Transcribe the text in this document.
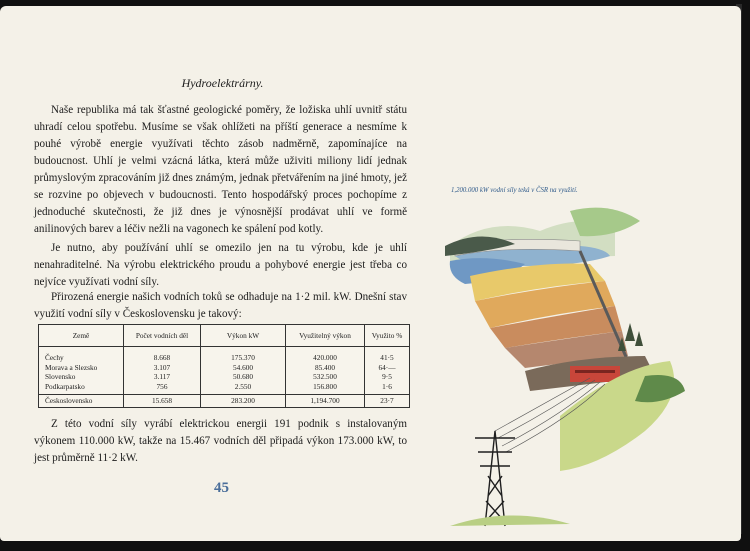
Hydroelektrárny.

Naše republika má tak šťastné geologické poměry, že ložiska uhlí uvnitř státu uhradí celou spotřebu. Musíme se však ohlížeti na příští generace a nesmíme k pouhé výrobě energie využívati těchto zásob nadměrně, zapomínajíce na budoucnost. Uhlí je velmi vzácná látka, která může uživiti miliony lidí jednak průmyslovým zpracováním již dnes známým, jednak přetvářením na jiné hmoty, jež se rozvine po objevech v budoucnosti. Tento hospodářský proces pochopíme z jednoduché skutečnosti, že již dnes je výnosnější prodávat uhlí ve formě anilinových barev a léčiv nežli na vagonech ke spálení pod kotly.

Je nutno, aby používání uhlí se omezilo jen na tu výrobu, kde je uhlí nenahraditelné. Na výrobu elektrického proudu a pohybové energie jest třeba co nejvíce využívati vodní síly.

Přirozená energie našich vodních toků se odhaduje na 1·2 mil. kW. Dnešní stav využití vodní síly v Československu je takový:

Země	Počet vodních děl	Výkon kW	Využitelný výkon	Využito %
Čechy	8.668	175.370	420.000	41·5
Morava a Slezsko	3.107	54.600	85.400	64·—
Slovensko	3.117	50.680	532.500	9·5
Podkarpatsko	756	2.550	156.800	1·6
Československo	15.658	283.200	1,194.700	23·7

Z této vodní síly vyrábí elektrickou energii 191 podnik s instalovaným výkonem 110.000 kW, takže na 15.467 vodních děl připadá výkon 173.000 kW, to jest průměrně 11·2 kW.

45
1,200.000 kW vodní síly teká v ČSR na využití.
